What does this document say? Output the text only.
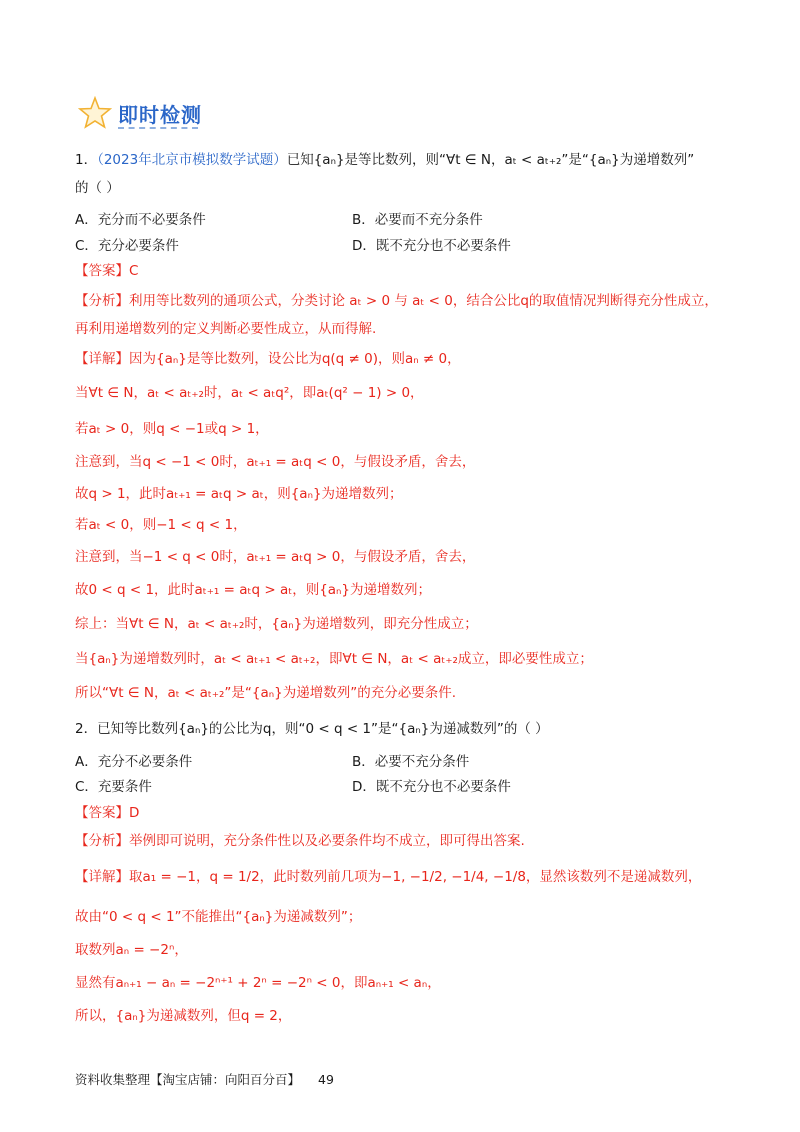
即时检测
1．（2023年北京市模拟数学试题）已知{aₙ}是等比数列，则“∀t ∈ N，aₜ < aₜ₊₂”是“{aₙ}为递增数列”
的（ ）
A．充分而不必要条件	B．必要而不充分条件
C．充分必要条件	D．既不充分也不必要条件
【答案】C
【分析】利用等比数列的通项公式，分类讨论 aₜ > 0 与 aₜ < 0，结合公比q的取值情况判断得充分性成立，
再利用递增数列的定义判断必要性成立，从而得解.
【详解】因为{aₙ}是等比数列，设公比为q(q ≠ 0)，则aₙ ≠ 0，
当∀t ∈ N，aₜ < aₜ₊₂时，aₜ < aₜq²，即aₜ(q² − 1) > 0，
若aₜ > 0，则q < −1或q > 1，
注意到，当q < −1 < 0时，aₜ₊₁ = aₜq < 0，与假设矛盾，舍去，
故q > 1，此时aₜ₊₁ = aₜq > aₜ，则{aₙ}为递增数列；
若aₜ < 0，则−1 < q < 1，
注意到，当−1 < q < 0时，aₜ₊₁ = aₜq > 0，与假设矛盾，舍去，
故0 < q < 1，此时aₜ₊₁ = aₜq > aₜ，则{aₙ}为递增数列；
综上：当∀t ∈ N，aₜ < aₜ₊₂时，{aₙ}为递增数列，即充分性成立；
当{aₙ}为递增数列时，aₜ < aₜ₊₁ < aₜ₊₂，即∀t ∈ N，aₜ < aₜ₊₂成立，即必要性成立；
所以“∀t ∈ N，aₜ < aₜ₊₂”是“{aₙ}为递增数列”的充分必要条件.
2．已知等比数列{aₙ}的公比为q，则“0 < q < 1”是“{aₙ}为递减数列”的（ ）
A．充分不必要条件	B．必要不充分条件
C．充要条件	D．既不充分也不必要条件
【答案】D
【分析】举例即可说明，充分条件性以及必要条件均不成立，即可得出答案.
【详解】取a₁ = −1，q = 1/2，此时数列前几项为−1, −1/2, −1/4, −1/8，显然该数列不是递减数列，
故由“0 < q < 1”不能推出“{aₙ}为递减数列”；
取数列aₙ = −2ⁿ，
显然有aₙ₊₁ − aₙ = −2ⁿ⁺¹ + 2ⁿ = −2ⁿ < 0，即aₙ₊₁ < aₙ，
所以，{aₙ}为递减数列，但q = 2，
资料收集整理【淘宝店铺：向阳百分百】 49
